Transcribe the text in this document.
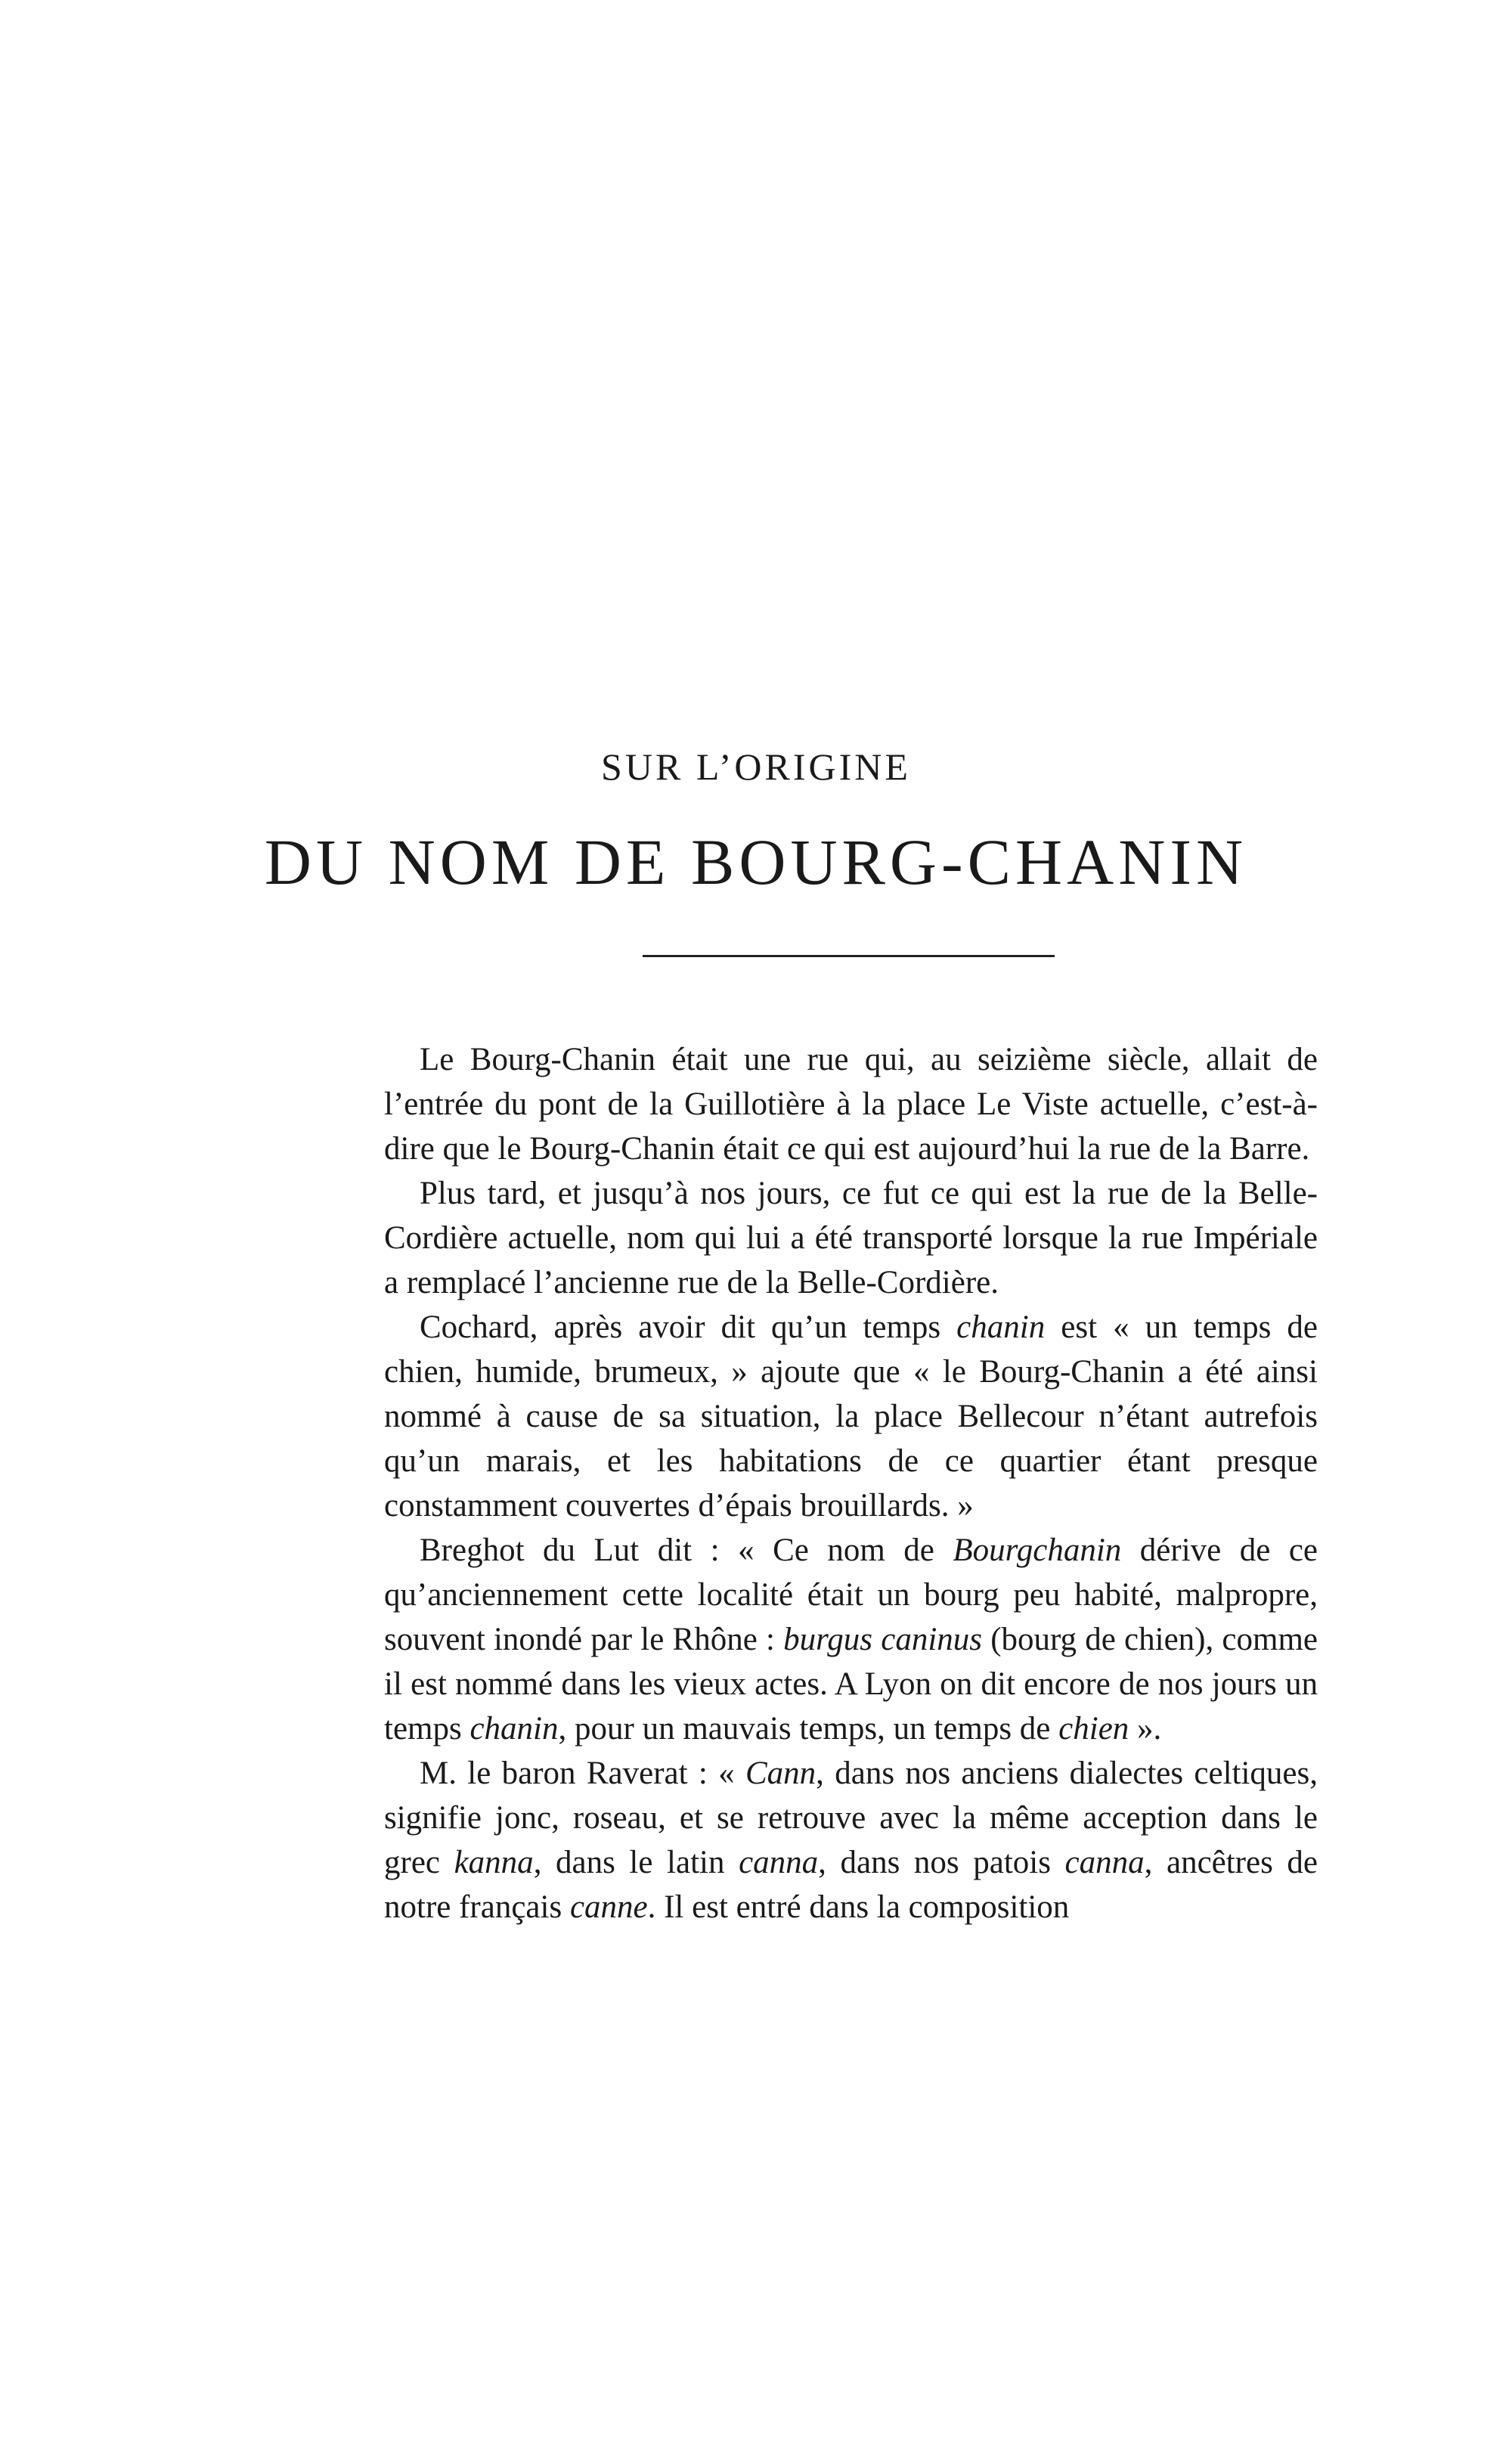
SUR L’ORIGINE
DU NOM DE BOURG-CHANIN

Le Bourg-Chanin était une rue qui, au seizième siècle, allait de l’entrée du pont de la Guillotière à la place Le Viste actuelle, c’est-à-dire que le Bourg-Chanin était ce qui est aujourd’hui la rue de la Barre.

Plus tard, et jusqu’à nos jours, ce fut ce qui est la rue de la Belle-Cordière actuelle, nom qui lui a été transporté lorsque la rue Impériale a remplacé l’ancienne rue de la Belle-Cordière.

Cochard, après avoir dit qu’un temps chanin est « un temps de chien, humide, brumeux, » ajoute que « le Bourg-Chanin a été ainsi nommé à cause de sa situation, la place Bellecour n’étant autrefois qu’un marais, et les habitations de ce quartier étant presque constamment couvertes d’épais brouillards. »

Breghot du Lut dit : « Ce nom de Bourgchanin dérive de ce qu’anciennement cette localité était un bourg peu habité, malpropre, souvent inondé par le Rhône : burgus caninus (bourg de chien), comme il est nommé dans les vieux actes. A Lyon on dit encore de nos jours un temps chanin, pour un mauvais temps, un temps de chien ».

M. le baron Raverat : « Cann, dans nos anciens dialectes celtiques, signifie jonc, roseau, et se retrouve avec la même acception dans le grec kanna, dans le latin canna, dans nos patois canna, ancêtres de notre français canne. Il est entré dans la composition
